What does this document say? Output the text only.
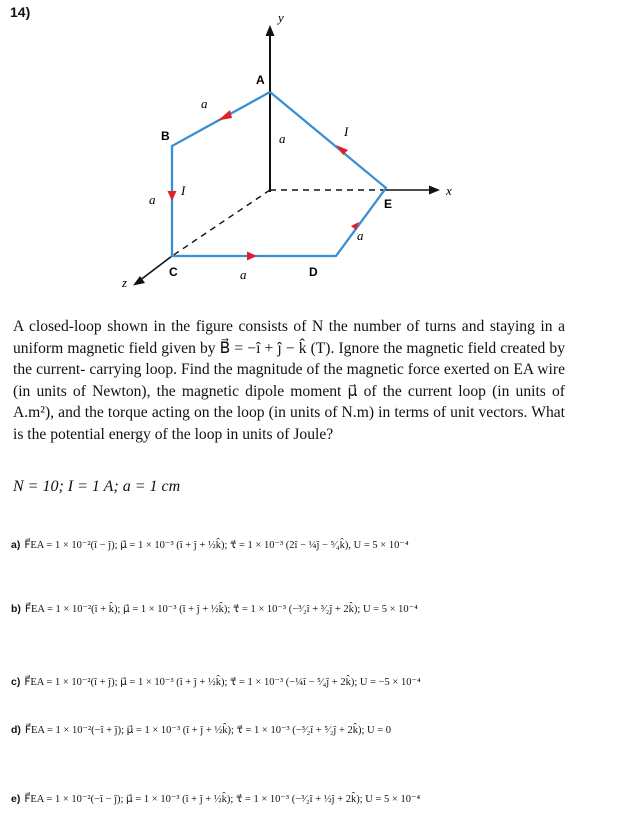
14)	y
x
z
A
B
C	D
E
a
a
a
a
a
I
I
A closed-loop shown in the figure consists of N the number of turns and staying in a uniform magnetic field given by B⃗ = −î + ĵ − k̂ (T). Ignore the magnetic field created by the current- carrying loop. Find the magnitude of the magnetic force exerted on EA wire (in units of Newton), the magnetic dipole moment μ⃗ of the current loop (in units of A.m²), and the torque acting on the loop (in units of N.m) in terms of unit vectors. What is the potential energy of the loop in units of Joule?
N = 10; I = 1 A; a = 1 cm
a) F⃗EA = 1 × 10⁻²(î − ĵ); μ⃗ = 1 × 10⁻³ (î + ĵ + ½k̂); τ⃗ = 1 × 10⁻³ (2î − ¼ĵ − ⁵⁄₄k̂), U = 5 × 10⁻⁴
b) F⃗EA = 1 × 10⁻²(î + k̂); μ⃗ = 1 × 10⁻³ (î + ĵ + ½k̂); τ⃗ = 1 × 10⁻³ (−³⁄₂î + ³⁄₂ĵ + 2k̂); U = 5 × 10⁻⁴
c) F⃗EA = 1 × 10⁻²(î + ĵ); μ⃗ = 1 × 10⁻³ (î + ĵ + ½k̂); τ⃗ = 1 × 10⁻³ (−¼î − ⁵⁄₄ĵ + 2k̂); U = −5 × 10⁻⁴
d) F⃗EA = 1 × 10⁻²(−î + ĵ); μ⃗ = 1 × 10⁻³ (î + ĵ + ½k̂); τ⃗ = 1 × 10⁻³ (−³⁄₂î + ⁵⁄₂ĵ + 2k̂); U = 0
e) F⃗EA = 1 × 10⁻²(−î − ĵ); μ⃗ = 1 × 10⁻³ (î + ĵ + ½k̂); τ⃗ = 1 × 10⁻³ (−³⁄₂î + ½ĵ + 2k̂); U = 5 × 10⁻⁴
